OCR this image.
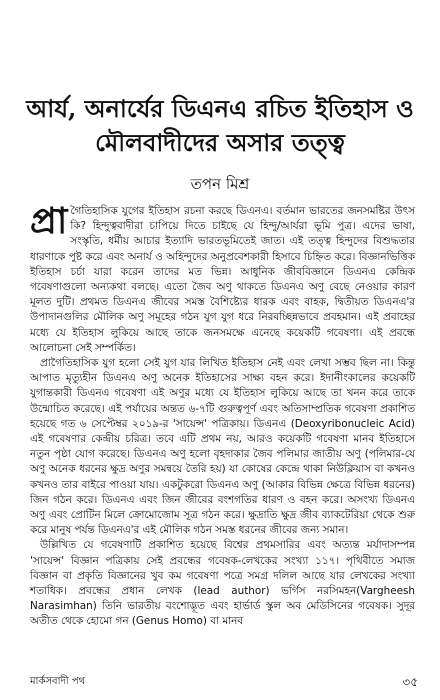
আর্য, অনার্যের ডিএনএ রচিত ইতিহাস ও মৌলবাদীদের অসার তত্ত্ব
তপন মিশ্র

প্রা গৈতিহাসিক যুগের ইতিহাস রচনা করছে ডিএনএ। বর্তমান ভারতের জনসমষ্টির উৎস কি? হিন্দুত্ববাদীরা চাপিয়ে দিতে চাইছে যে হিন্দু/আর্যরা ভূমি পুত্র। এদের ভাষা, সংস্কৃতি, ধর্মীয় আচার ইত্যাদি ভারতভূমিতেই জাত। এই তত্ত্ব হিন্দুদের বিশুদ্ধতার ধারণাকে পুষ্ট করে এবং অনার্য ও অহিন্দুদের অনুপ্রবেশকারী হিসাবে চিহ্নিত করে। বিজ্ঞানভিত্তিক ইতিহাস চর্চা যারা করেন তাদের মত ভিন্ন। আধুনিক জীববিজ্ঞানে ডিএনএ কেন্দ্রিক গবেষণাগুলো অন্যকথা বলছে। এতো জৈব অণু থাকতে ডিএনএ অণু বেছে নেওয়ার কারণ মূলত দুটি। প্রথমত ডিএনএ জীবের সমস্ত বৈশিষ্ট্যের ধারক এবং বাহক, দ্বিতীয়ত ডিএনএ'র উপাদানগুলির মৌলিক অণু সমূহের গঠন যুগ যুগ ধরে নিরবচ্ছিন্নভাবে প্রবহমান। এই প্রবাহের মধ্যে যে ইতিহাস লুকিয়ে আছে তাকে জনসমক্ষে এনেছে কয়েকটি গবেষণা। এই প্রবন্ধে আলোচনা সেই সম্পর্কিত।

প্রাগৈতিহাসিক যুগ হলো সেই যুগ যার লিখিত ইতিহাস নেই এবং লেখা সম্ভব ছিল না। কিন্তু আপাত মৃত্যুহীন ডিএনএ অণু অনেক ইতিহাসের সাক্ষ্য বহন করে। ইদানীংকালের কয়েকটি যুগান্তকারী ডিএনএ গবেষণা এই অণুর মধ্যে যে ইতিহাস লুকিয়ে আছে তা খনন করে তাকে উন্মোচিত করেছে। এই পর্যায়ের অন্তত ৬-৭টি গুরুত্বপূর্ণ এবং অতিসাম্প্রতিক গবেষণা প্রকাশিত হয়েছে গত ৬ সেপ্টেম্বর ২০১৯-র 'সায়েন্স' পত্রিকায়। ডিএনএ (Deoxyribonucleic Acid) এই গবেষণার কেন্দ্রীয় চরিত্র। তবে এটি প্রথম নয়, আরও কয়েকটি গবেষণা মানব ইতিহাসে নতুন পৃষ্ঠা যোগ করেছে। ডিএনএ অণু হলো বৃহদাকার জৈব পলিমার জাতীয় অণু (পলিমার-যে অণু অনেক ধরনের ক্ষুদ্র অণুর সমন্বয়ে তৈরি হয়) যা কোষের কেন্দ্রে থাকা নিউক্লিয়াস বা কখনও কখনও তার বাইরে পাওয়া যায়। একটুকরো ডিএনএ অণু (আকার বিভিন্ন ক্ষেত্রে বিভিন্ন ধরনের) জিন গঠন করে। ডিএনএ এবং জিন জীবের বংশগতির ধারণ ও বহন করে। অসংখ্য ডিএনএ অণু এবং প্রোটিন মিলে ক্রোমোজোম সূত্র গঠন করে। ক্ষুদ্রাতি ক্ষুদ্র জীব ব্যাকটেরিয়া থেকে শুরু করে মানুষ পর্যন্ত ডিএনএ'র এই মৌলিক গঠন সমস্ত ধরনের জীবের জন্য সমান।

উল্লিখিত যে গবেষণাটি প্রকাশিত হয়েছে বিশ্বের প্রথমসারির এবং অত্যন্ত মর্যাদাসম্পন্ন 'সায়েন্স' বিজ্ঞান পত্রিকায় সেই প্রবন্ধের গবেষক-লেখকের সংখ্যা ১১৭। পৃথিবীতে সমাজ বিজ্ঞান বা প্রকৃতি বিজ্ঞানের খুব কম গবেষণা পত্রে সমগ্র দলিল আছে যার লেখকের সংখ্যা শতাধিক। প্রবন্ধের প্রধান লেখক (lead author) ভর্গিস নরসিমহন(Vargheesh Narasimhan) তিনি ভারতীয় বংশোদ্ভূত এবং হার্ভার্ড স্কুল অব মেডিসিনের গবেষক। সুদূর অতীত থেকে হোমো গন (Genus Homo) বা মানব

মার্কসবাদী পথ	৩৫
